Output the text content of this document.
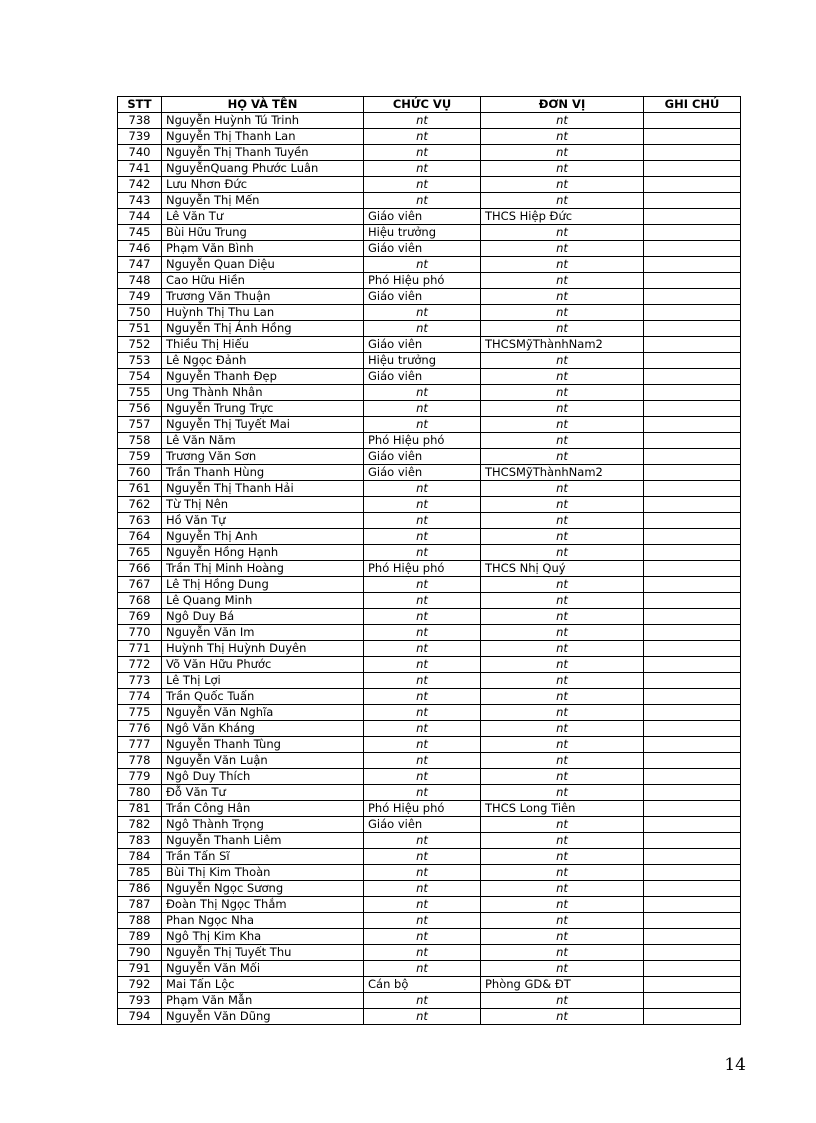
STT	HỌ VÀ TÊN	CHỨC VỤ	ĐƠN VỊ	GHI CHÚ
738	Nguyễn Huỳnh Tú Trinh	nt	nt	
739	Nguyễn Thị Thanh Lan	nt	nt	
740	Nguyễn Thị Thanh Tuyền	nt	nt	
741	NguyễnQuang Phước Luân	nt	nt	
742	Lưu Nhơn Đức	nt	nt	
743	Nguyễn Thị Mến	nt	nt	
744	Lê Văn Tư	Giáo viên	THCS Hiệp Đức	
745	Bùi Hữu Trung	Hiệu trưởng	nt	
746	Phạm Văn Bình	Giáo viên	nt	
747	Nguyễn Quan Diệu	nt	nt	
748	Cao Hữu Hiền	Phó Hiệu phó	nt	
749	Trương Văn Thuận	Giáo viên	nt	
750	Huỳnh Thị Thu Lan	nt	nt	
751	Nguyễn Thị Ánh Hồng	nt	nt	
752	Thiều Thị Hiếu	Giáo viên	THCSMỹThànhNam2	
753	Lê Ngọc Đảnh	Hiệu trưởng	nt	
754	Nguyễn Thanh Đẹp	Giáo viên	nt	
755	Ung Thành Nhân	nt	nt	
756	Nguyễn Trung Trực	nt	nt	
757	Nguyễn Thị Tuyết Mai	nt	nt	
758	Lê Văn Năm	Phó Hiệu phó	nt	
759	Trương Văn Sơn	Giáo viên	nt	
760	Trần Thanh Hùng	Giáo viên	THCSMỹThànhNam2	
761	Nguyễn Thị Thanh Hải	nt	nt	
762	Từ Thị Nên	nt	nt	
763	Hồ Văn Tự	nt	nt	
764	Nguyễn Thị Anh	nt	nt	
765	Nguyễn Hồng Hạnh	nt	nt	
766	Trần Thị Minh Hoàng	Phó Hiệu phó	THCS Nhị Quý	
767	Lê Thị Hồng Dung	nt	nt	
768	Lê Quang Minh	nt	nt	
769	Ngô Duy Bá	nt	nt	
770	Nguyễn Văn Im	nt	nt	
771	Huỳnh Thị Huỳnh Duyên	nt	nt	
772	Võ Văn Hữu Phước	nt	nt	
773	Lê Thị Lợi	nt	nt	
774	Trần Quốc Tuấn	nt	nt	
775	Nguyễn Văn Nghĩa	nt	nt	
776	Ngô Văn Kháng	nt	nt	
777	Nguyễn Thanh Tùng	nt	nt	
778	Nguyễn Văn Luận	nt	nt	
779	Ngô Duy Thích	nt	nt	
780	Đỗ Văn Tư	nt	nt	
781	Trần Công Hân	Phó Hiệu phó	THCS Long Tiên	
782	Ngô Thành Trọng	Giáo viên	nt	
783	Nguyễn Thanh Liêm	nt	nt	
784	Trần Tấn Sĩ	nt	nt	
785	Bùi Thị Kim Thoàn	nt	nt	
786	Nguyễn Ngọc Sương	nt	nt	
787	Đoàn Thị Ngọc Thắm	nt	nt	
788	Phan Ngọc Nha	nt	nt	
789	Ngô Thị Kim Kha	nt	nt	
790	Nguyễn Thị Tuyết Thu	nt	nt	
791	Nguyễn Văn Mối	nt	nt	
792	Mai Tấn Lộc	Cán bộ	Phòng GD& ĐT	
793	Phạm Văn Mẫn	nt	nt	
794	Nguyễn Văn Dũng	nt	nt	
14
